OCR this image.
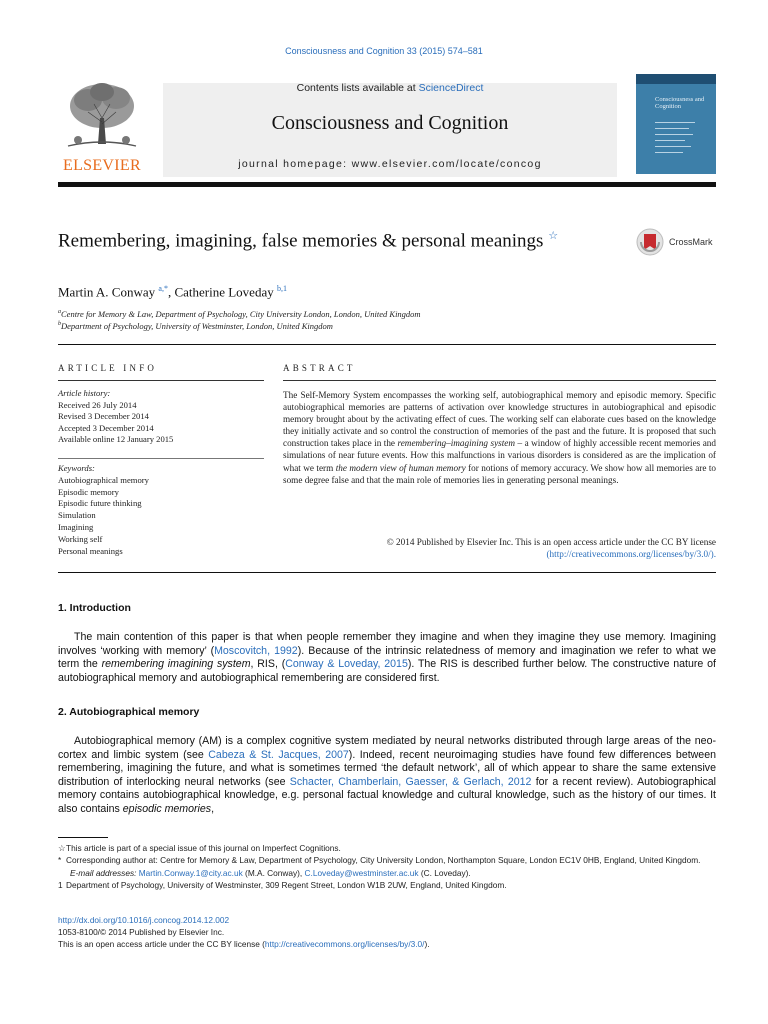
Consciousness and Cognition 33 (2015) 574–581
ELSEVIER
Contents lists available at ScienceDirect
Consciousness and Cognition
journal homepage: www.elsevier.com/locate/concog
Consciousness and Cognition
Remembering, imagining, false memories & personal meanings ☆	CrossMark
Martin A. Conway $^{a,*}$, Catherine Loveday $^{b,1}$
$^a$Centre for Memory & Law, Department of Psychology, City University London, London, United Kingdom
$^b$Department of Psychology, University of Westminster, London, United Kingdom
ARTICLE INFO	ABSTRACT
Article history:
Received 26 July 2014
Revised 3 December 2014
Accepted 3 December 2014
Available online 12 January 2015
Keywords:
Autobiographical memory
Episodic memory
Episodic future thinking
Simulation
Imagining
Working self
Personal meanings
The Self-Memory System encompasses the working self, autobiographical memory and episodic memory. Specific autobiographical memories are patterns of activation over knowledge structures in autobiographical and episodic memory brought about by the activating effect of cues. The working self can elaborate cues based on the knowledge they initially activate and so control the construction of memories of the past and the future. It is proposed that such construction takes place in the remembering–imagining system – a window of highly accessible recent memories and simulations of near future events. How this malfunctions in various disorders is considered as are the implication of what we term the modern view of human memory for notions of memory accuracy. We show how all memories are to some degree false and that the main role of memories lies in generating personal meanings.
© 2014 Published by Elsevier Inc. This is an open access article under the CC BY license
(http://creativecommons.org/licenses/by/3.0/).
1. Introduction
The main contention of this paper is that when people remember they imagine and when they imagine they use memory. Imagining involves ‘working with memory’ (Moscovitch, 1992). Because of the intrinsic relatedness of memory and imagination we refer to what we term the remembering imagining system, RIS, (Conway & Loveday, 2015). The RIS is described further below. The constructive nature of autobiographical memory and autobiographical remembering are considered first.
2. Autobiographical memory
Autobiographical memory (AM) is a complex cognitive system mediated by neural networks distributed through large areas of the neo-cortex and limbic system (see Cabeza & St. Jacques, 2007). Indeed, recent neuroimaging studies have found few differences between remembering, imagining the future, and what is sometimes termed ‘the default network’, all of which appear to share the same extensive distribution of interlocking neural networks (see Schacter, Chamberlain, Gaesser, & Gerlach, 2012 for a recent review). Autobiographical memory contains autobiographical knowledge, e.g. personal factual knowledge and cultural knowledge, such as the history of our times. It also contains episodic memories,
☆This article is part of a special issue of this journal on Imperfect Cognitions.
* Corresponding author at: Centre for Memory & Law, Department of Psychology, City University London, Northampton Square, London EC1V 0HB, England, United Kingdom.
E-mail addresses: Martin.Conway.1@city.ac.uk (M.A. Conway), C.Loveday@westminster.ac.uk (C. Loveday).
1 Department of Psychology, University of Westminster, 309 Regent Street, London W1B 2UW, England, United Kingdom.
http://dx.doi.org/10.1016/j.concog.2014.12.002
1053-8100/© 2014 Published by Elsevier Inc.
This is an open access article under the CC BY license (http://creativecommons.org/licenses/by/3.0/).
